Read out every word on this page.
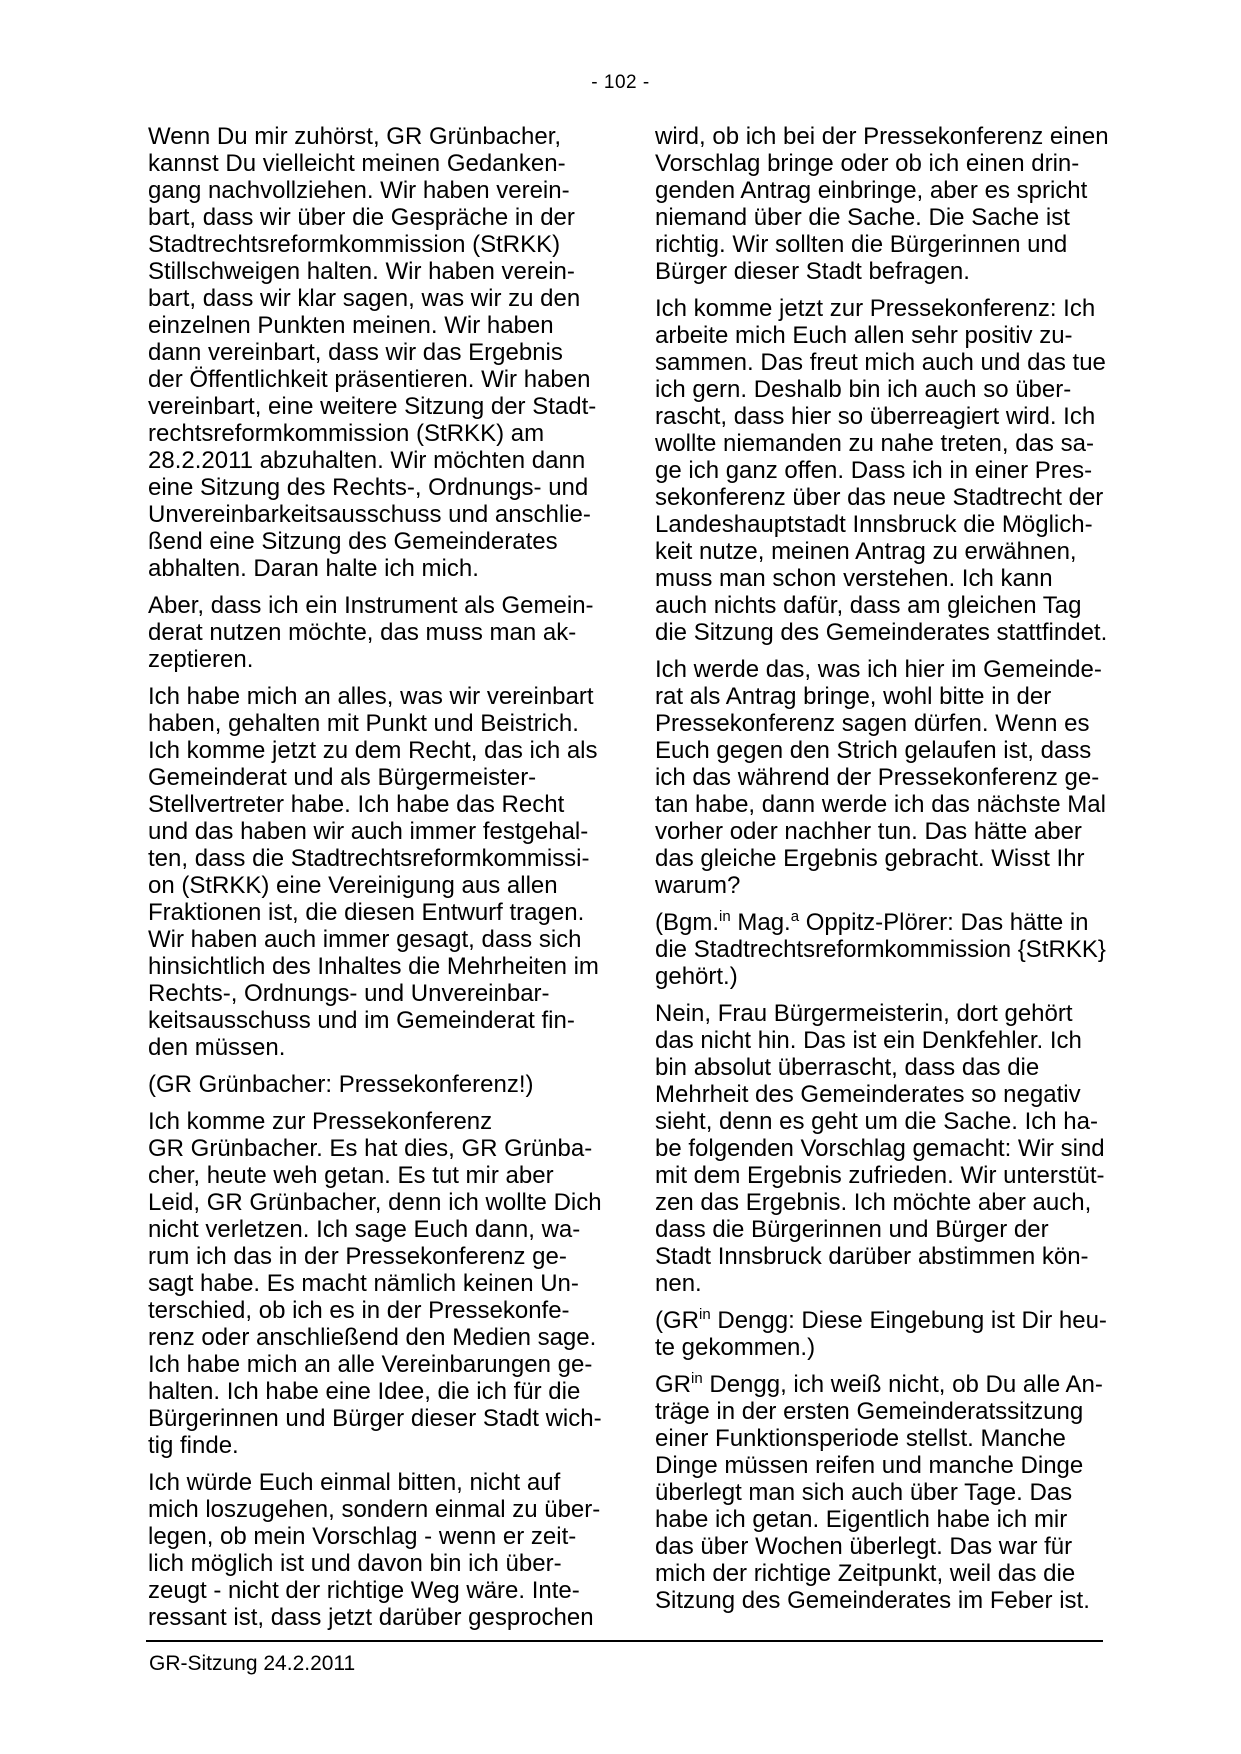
- 102 -

Wenn Du mir zuhörst, GR Grünbacher,
kannst Du vielleicht meinen Gedanken-
gang nachvollziehen. Wir haben verein-
bart, dass wir über die Gespräche in der
Stadtrechtsreformkommission (StRKK)
Stillschweigen halten. Wir haben verein-
bart, dass wir klar sagen, was wir zu den
einzelnen Punkten meinen. Wir haben
dann vereinbart, dass wir das Ergebnis
der Öffentlichkeit präsentieren. Wir haben
vereinbart, eine weitere Sitzung der Stadt-
rechtsreformkommission (StRKK) am
28.2.2011 abzuhalten. Wir möchten dann
eine Sitzung des Rechts-, Ordnungs- und
Unvereinbarkeitsausschuss und anschlie-
ßend eine Sitzung des Gemeinderates
abhalten. Daran halte ich mich.

Aber, dass ich ein Instrument als Gemein-
derat nutzen möchte, das muss man ak-
zeptieren.

Ich habe mich an alles, was wir vereinbart
haben, gehalten mit Punkt und Beistrich.
Ich komme jetzt zu dem Recht, das ich als
Gemeinderat und als Bürgermeister-
Stellvertreter habe. Ich habe das Recht
und das haben wir auch immer festgehal-
ten, dass die Stadtrechtsreformkommissi-
on (StRKK) eine Vereinigung aus allen
Fraktionen ist, die diesen Entwurf tragen.
Wir haben auch immer gesagt, dass sich
hinsichtlich des Inhaltes die Mehrheiten im
Rechts-, Ordnungs- und Unvereinbar-
keitsausschuss und im Gemeinderat fin-
den müssen.

(GR Grünbacher: Pressekonferenz!)

Ich komme zur Pressekonferenz
GR Grünbacher. Es hat dies, GR Grünba-
cher, heute weh getan. Es tut mir aber
Leid, GR Grünbacher, denn ich wollte Dich
nicht verletzen. Ich sage Euch dann, wa-
rum ich das in der Pressekonferenz ge-
sagt habe. Es macht nämlich keinen Un-
terschied, ob ich es in der Pressekonfe-
renz oder anschließend den Medien sage.
Ich habe mich an alle Vereinbarungen ge-
halten. Ich habe eine Idee, die ich für die
Bürgerinnen und Bürger dieser Stadt wich-
tig finde.

Ich würde Euch einmal bitten, nicht auf
mich loszugehen, sondern einmal zu über-
legen, ob mein Vorschlag - wenn er zeit-
lich möglich ist und davon bin ich über-
zeugt - nicht der richtige Weg wäre. Inte-
ressant ist, dass jetzt darüber gesprochen

wird, ob ich bei der Pressekonferenz einen
Vorschlag bringe oder ob ich einen drin-
genden Antrag einbringe, aber es spricht
niemand über die Sache. Die Sache ist
richtig. Wir sollten die Bürgerinnen und
Bürger dieser Stadt befragen.

Ich komme jetzt zur Pressekonferenz: Ich
arbeite mich Euch allen sehr positiv zu-
sammen. Das freut mich auch und das tue
ich gern. Deshalb bin ich auch so über-
rascht, dass hier so überreagiert wird. Ich
wollte niemanden zu nahe treten, das sa-
ge ich ganz offen. Dass ich in einer Pres-
sekonferenz über das neue Stadtrecht der
Landeshauptstadt Innsbruck die Möglich-
keit nutze, meinen Antrag zu erwähnen,
muss man schon verstehen. Ich kann
auch nichts dafür, dass am gleichen Tag
die Sitzung des Gemeinderates stattfindet.

Ich werde das, was ich hier im Gemeinde-
rat als Antrag bringe, wohl bitte in der
Pressekonferenz sagen dürfen. Wenn es
Euch gegen den Strich gelaufen ist, dass
ich das während der Pressekonferenz ge-
tan habe, dann werde ich das nächste Mal
vorher oder nachher tun. Das hätte aber
das gleiche Ergebnis gebracht. Wisst Ihr
warum?

(Bgm.$^{in}$ Mag.$^a$ Oppitz-Plörer: Das hätte in
die Stadtrechtsreformkommission {StRKK}
gehört.)

Nein, Frau Bürgermeisterin, dort gehört
das nicht hin. Das ist ein Denkfehler. Ich
bin absolut überrascht, dass das die
Mehrheit des Gemeinderates so negativ
sieht, denn es geht um die Sache. Ich ha-
be folgenden Vorschlag gemacht: Wir sind
mit dem Ergebnis zufrieden. Wir unterstüt-
zen das Ergebnis. Ich möchte aber auch,
dass die Bürgerinnen und Bürger der
Stadt Innsbruck darüber abstimmen kön-
nen.

($GR^{in}$ Dengg: Diese Eingebung ist Dir heu-
te gekommen.)

$GR^{in}$ Dengg, ich weiß nicht, ob Du alle An-
träge in der ersten Gemeinderatssitzung
einer Funktionsperiode stellst. Manche
Dinge müssen reifen und manche Dinge
überlegt man sich auch über Tage. Das
habe ich getan. Eigentlich habe ich mir
das über Wochen überlegt. Das war für
mich der richtige Zeitpunkt, weil das die
Sitzung des Gemeinderates im Feber ist.

GR-Sitzung 24.2.2011
